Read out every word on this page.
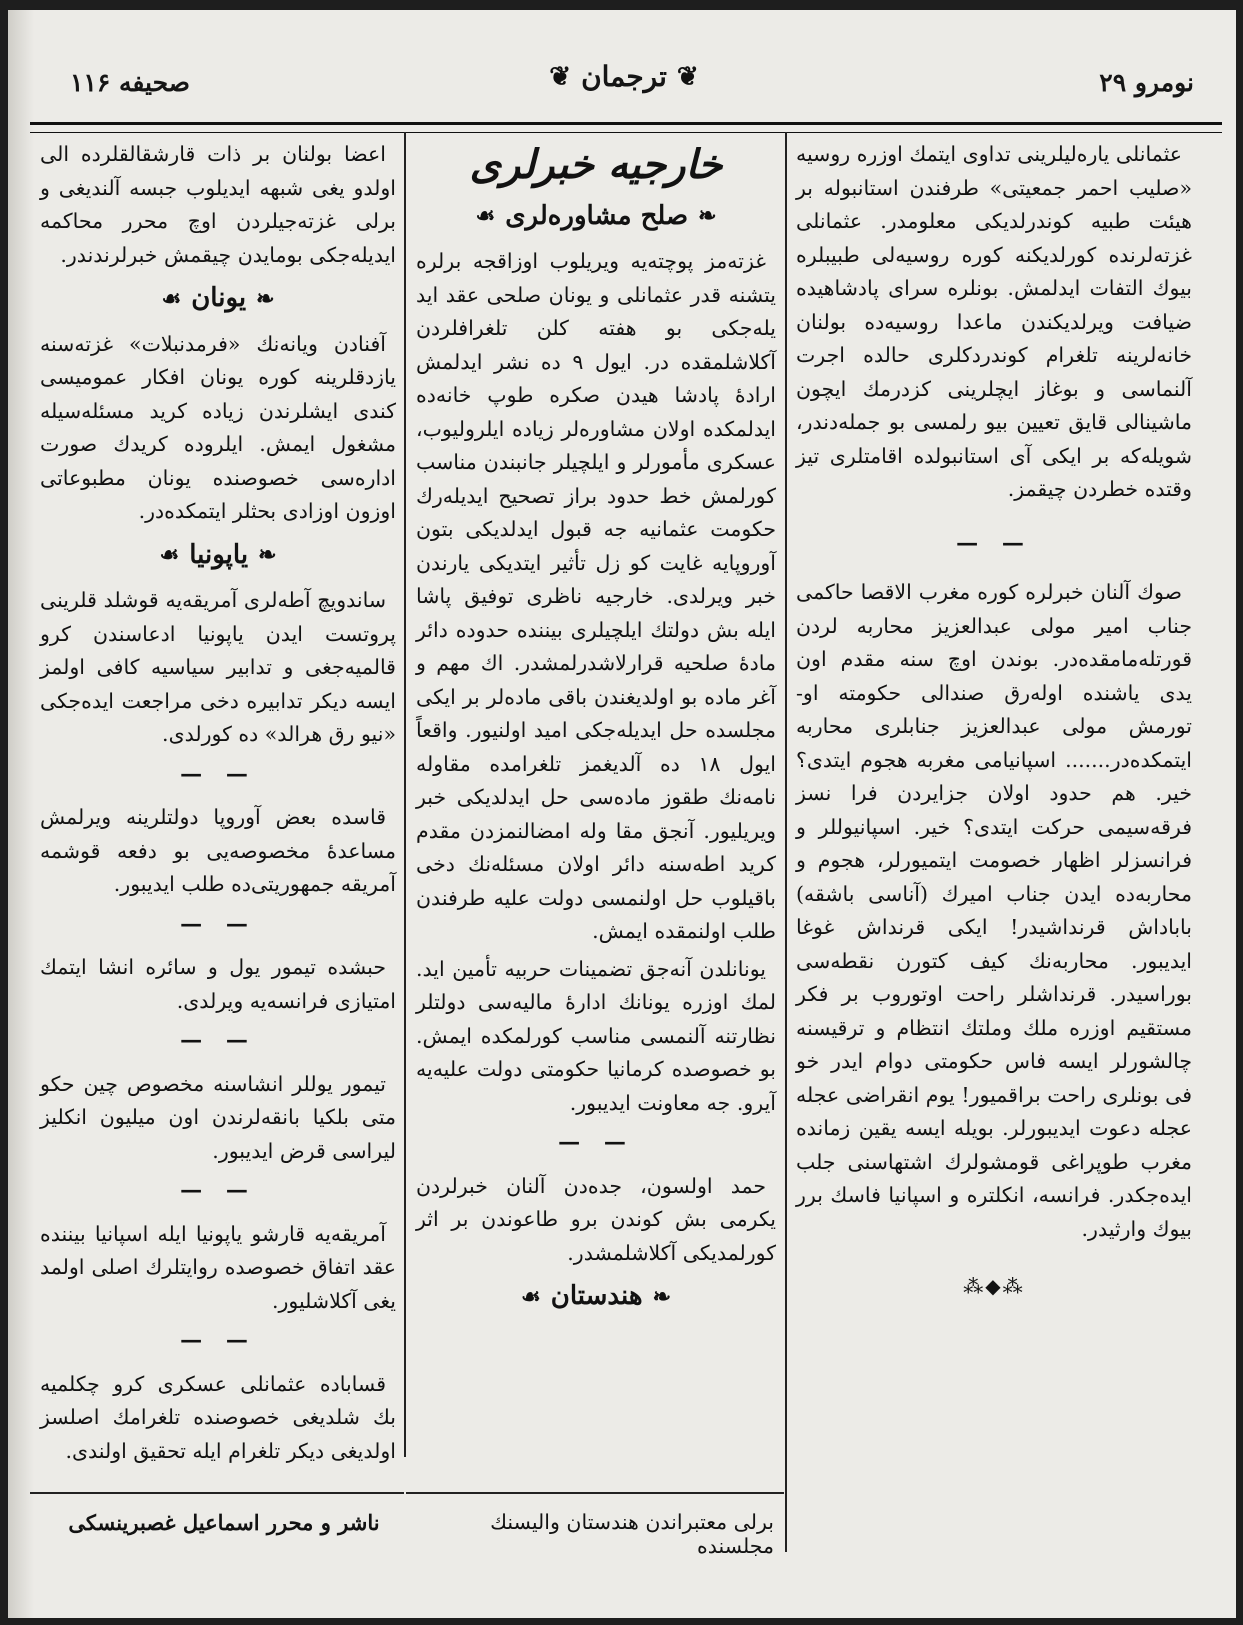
صحیفه ۱۱۶	❦ ترجمان ❦	نومرو ۲۹

عثمانلی یاره‌لیلرینی تداوی ایتمك اوزره روسیه «صلیب احمر جمعیتی» طرفندن استانبوله بر هیئت طبیه کوندرلدیکی معلومدر. عثمانلی غزته‌لرنده کورلدیکنه کوره روسیه‌لی طبیبلره بیوك التفات ایدلمش. بونلره سرای پادشاهیده ضیافت ویرلدیکندن ماعدا روسیه‌ده بولنان خانه‌لرینه تلغرام کوندردکلری حالده اجرت آلنماسی و بوغاز ایچلرینی کزدرمك ایچون ماشینالی قایق تعیین بیو رلمسی بو جمله‌دندر، شویله‌که بر ایکی آی استانبولده اقامتلری تیز وقتده خطردن چیقمز.

— —

صوك آلنان خبرلره کوره مغرب الاقصا حاکمی جناب امیر مولی عبدالعزیز محاربه لردن قورتله‌مامقده‌در. بوندن اوچ سنه مقدم اون یدی یاشنده اوله‌رق صندالی حکومته او- تورمش مولی عبدالعزیز جنابلری محاربه ایتمکده‌در....... اسپانیامی مغربه هجوم ایتدی؟ خیر. هم حدود اولان جزایردن فرا نسز فرقه‌سیمی حرکت ایتدی؟ خیر. اسپانیوللر و فرانسزلر اظهار خصومت ایتمیورلر، هجوم و محاربه‌ده ایدن جناب امیرك (آناسی باشقه) باباداش قرنداشیدر! ایکی قرنداش غوغا ایدیبور. محاربه‌نك کیف کتورن نقطه‌سی بوراسیدر. قرنداشلر راحت اوتوروب بر فکر مستقیم اوزره ملك وملتك انتظام و ترقیسنه چالشورلر ایسه فاس حکومتی دوام ایدر خو فی بونلری راحت براقمیور! یوم انقراضی عجله عجله دعوت ایدیبورلر. بویله ایسه یقین زمانده مغرب طوپراغی قومشولرك اشتهاسنی جلب ایده‌جکدر. فرانسه، انکلتره و اسپانیا فاسك برر بیوك وارثیدر.

⁂◆⁂
خارجیه خبرلری
❧
صلح مشاوره‌لری
☙

غزته‌مز پوچته‌یه ویریلوب اوزاقجه برلره یتشنه قدر عثمانلی و یونان صلحی عقد اید یله‌جکی بو هفته کلن تلغرافلردن آکلاشلمقده در. ایول ۹ ده نشر ایدلمش ارادهٔ پادشا هیدن صکره طوپ خانه‌ده ایدلمکده اولان مشاوره‌لر زیاده ایلرولیوب، عسکری مأمورلر و ایلچیلر جانبندن مناسب کورلمش خط حدود براز تصحیح ایدیله‌رك حکومت عثمانیه جه قبول ایدلدیکی بتون آوروپایه غایت کو زل تأثیر ایتدیکی یارندن خبر ویرلدی. خارجیه ناظری توفیق پاشا ایله بش دولتك ایلچیلری بیننده حدوده دائر مادهٔ صلحیه قرارلاشدرلمشدر. اك مهم و آغر ماده بو اولدیغندن باقی ماده‌لر بر ایکی مجلسده حل ایدیله‌جکی امید اولنیور. واقعاً ایول ۱۸ ده آلدیغمز تلغرامده مقاوله نامه‌نك طقوز ماده‌سی حل ایدلدیکی خبر ویریلیور. آنجق مقا وله امضالنمزدن مقدم کرید اطه‌سنه دائر اولان مسئله‌نك دخی باقیلوب حل اولنمسی دولت علیه طرفندن طلب اولنمقده ایمش.

یونانلدن آنه‌جق تضمینات حربیه تأمین اید. لمك اوزره یونانك ادارهٔ مالیه‌سی دولتلر نظارتنه آلنمسی مناسب کورلمکده ایمش. بو خصوصده کرمانیا حکومتی دولت علیه‌یه آیرو. جه معاونت ایدیبور.

— —

حمد اولسون، جده‌دن آلنان خبرلردن یکرمی بش کوندن برو طاعوندن بر اثر کورلمدیکی آکلاشلمشدر.

❧
هندستان
☙

اعضا بولنان بر ذات قارشقالقلرده الی اولدو یغی شبهه ایدیلوب جبسه آلندیغی و برلی غزته‌جیلردن اوچ محرر محاکمه ایدیله‌جکی بومایدن چیقمش خبرلرندندر.

❧
یونان
☙

آفنادن ویانه‌نك «فرمدنبلات» غزته‌سنه یازدقلرینه کوره یونان افکار عمومیسی کندی ایشلرندن زیاده کرید مسئله‌سیله مشغول ایمش. ایلروده کریدك صورت اداره‌سی خصوصنده یونان مطبوعاتی اوزون اوزادی بحثلر ایتمکده‌در.

❧
یاپونیا
☙

ساندویچ آطه‌لری آمریقه‌یه قوشلد قلرینی پروتست ایدن یاپونیا ادعاسندن کرو قالمیه‌جغی و تدابیر سیاسیه کافی اولمز ایسه دیکر تدابیره دخی مراجعت ایده‌جکی «نیو رق هرالد» ده کورلدی.

— —

قاسده بعض آوروپا دولتلرینه ویرلمش مساعدهٔ مخصوصه‌یی بو دفعه قوشمه آمریقه جمهوریتی‌ده طلب ایدیبور.

— —

حبشده تیمور یول و سائره انشا ایتمك امتیازی فرانسه‌یه ویرلدی.

— —

تیمور یوللر انشاسنه مخصوص چین حکو متی بلکیا بانقه‌لرندن اون میلیون انکلیز لیراسی قرض ایدیبور.

— —

آمریقه‌یه قارشو یاپونیا ایله اسپانیا بیننده عقد اتفاق خصوصده روایتلرك اصلی اولمد یغی آکلاشلیور.

— —

قساباده عثمانلی عسکری کرو چکلمیه بك شلدیغی خصوصنده تلغرامك اصلسز اولدیغی دیکر تلغرام ایله تحقیق اولندی.

ناشر و محرر اسماعیل غصبرینسکی	برلی معتبراندن هندستان والیسنك مجلسنده
